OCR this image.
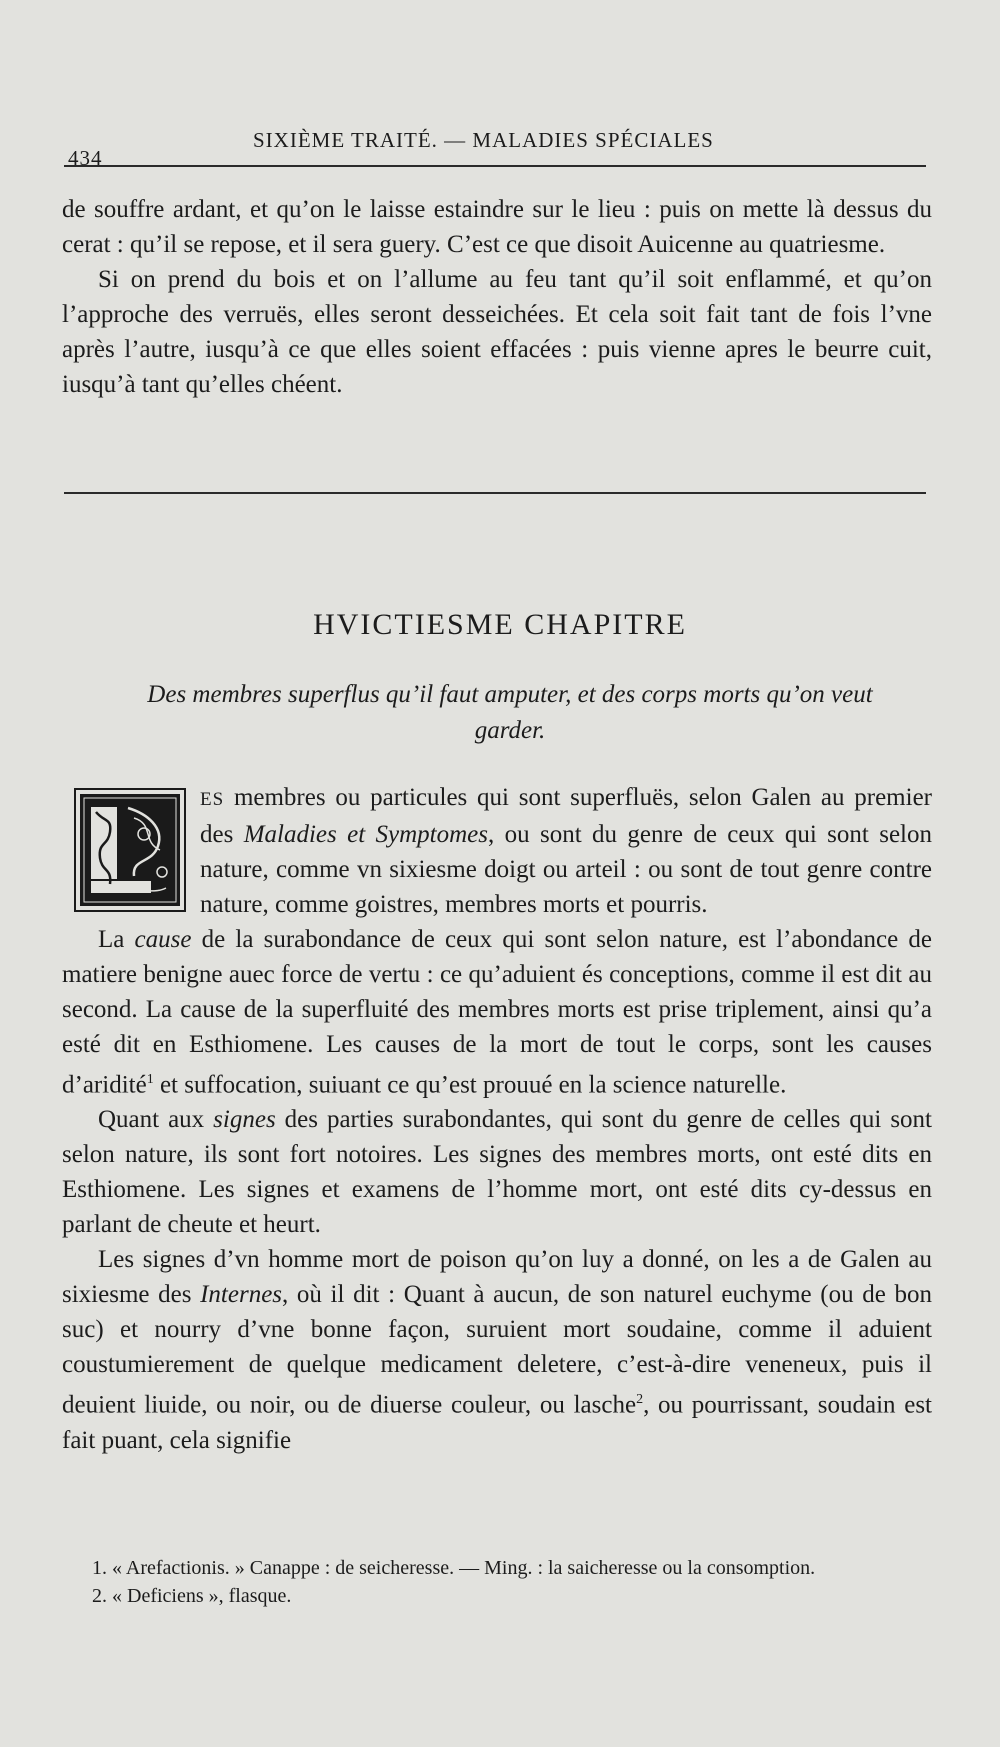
434
SIXIÈME TRAITÉ. — MALADIES SPÉCIALES

de souffre ardant, et qu’on le laisse estaindre sur le lieu : puis on mette là dessus du cerat : qu’il se repose, et il sera guery. C’est ce que disoit Auicenne au quatriesme.

Si on prend du bois et on l’allume au feu tant qu’il soit enflammé, et qu’on l’approche des verruës, elles seront desseichées. Et cela soit fait tant de fois l’vne après l’autre, iusqu’à ce que elles soient effacées : puis vienne apres le beurre cuit, iusqu’à tant qu’elles chéent.

HVICTIESME CHAPITRE
Des membres superflus qu’il faut amputer, et des corps morts qu’on veut garder.

ES membres ou particules qui sont superfluës, selon Galen au premier des Maladies et Symptomes, ou sont du genre de ceux qui sont selon nature, comme vn sixiesme doigt ou arteil : ou sont de tout genre contre nature, comme goistres, membres morts et pourris.

La cause de la surabondance de ceux qui sont selon nature, est l’abondance de matiere benigne auec force de vertu : ce qu’aduient és conceptions, comme il est dit au second. La cause de la superfluité des membres morts est prise triplement, ainsi qu’a esté dit en Esthiomene. Les causes de la mort de tout le corps, sont les causes d’aridité$^1$ et suffocation, suiuant ce qu’est prouué en la science naturelle.

Quant aux signes des parties surabondantes, qui sont du genre de celles qui sont selon nature, ils sont fort notoires. Les signes des membres morts, ont esté dits en Esthiomene. Les signes et examens de l’homme mort, ont esté dits cy-dessus en parlant de cheute et heurt.

Les signes d’vn homme mort de poison qu’on luy a donné, on les a de Galen au sixiesme des Internes, où il dit : Quant à aucun, de son naturel euchyme (ou de bon suc) et nourry d’vne bonne façon, suruient mort soudaine, comme il aduient coustumierement de quelque medicament deletere, c’est-à-dire veneneux, puis il deuient liuide, ou noir, ou de diuerse couleur, ou lasche$^2$, ou pourrissant, soudain est fait puant, cela signifie

1. « Arefactionis. » Canappe : de seicheresse. — Ming. : la saicheresse ou la consomption.

2. « Deficiens », flasque.
